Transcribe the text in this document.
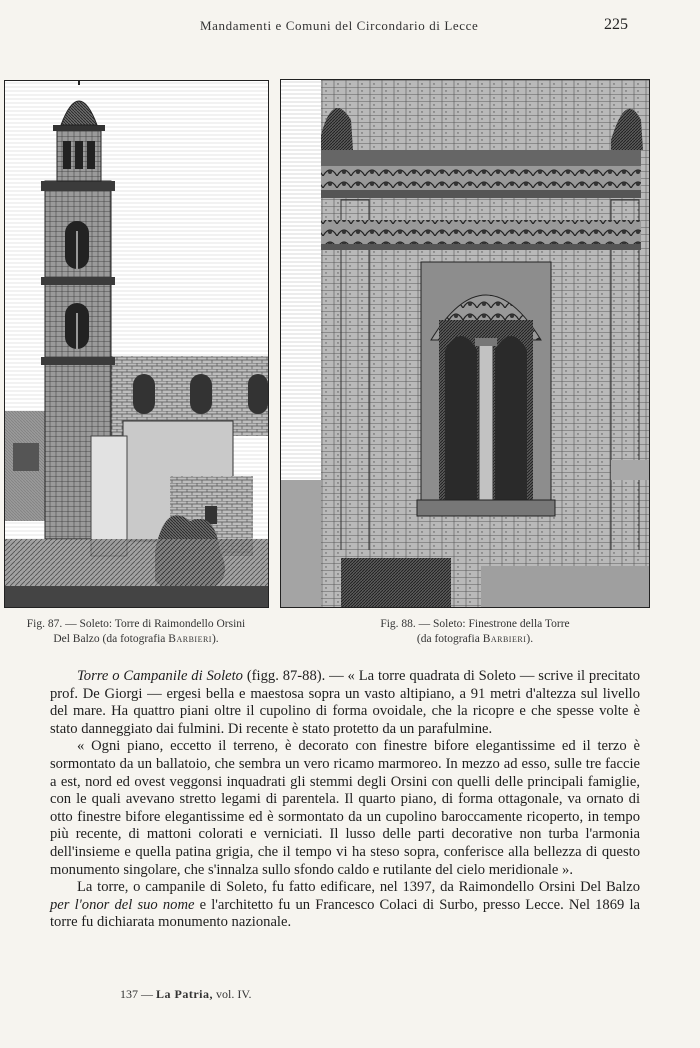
Mandamenti e Comuni del Circondario di Lecce	225
Fig. 87. — Soleto: Torre di Raimondello Orsini
Del Balzo (da fotografia Barbieri).
Fig. 88. — Soleto: Finestrone della Torre
(da fotografia Barbieri).

Torre o Campanile di Soleto (figg. 87-88). — « La torre quadrata di Soleto — scrive il precitato prof. De Giorgi — ergesi bella e maestosa sopra un vasto altipiano, a 91 metri d'altezza sul livello del mare. Ha quattro piani oltre il cupolino di forma ovoidale, che la ricopre e che spesse volte è stato danneggiato dai fulmini. Di recente è stato protetto da un parafulmine.

« Ogni piano, eccetto il terreno, è decorato con finestre bifore elegantissime ed il terzo è sormontato da un ballatoio, che sembra un vero ricamo marmoreo. In mezzo ad esso, sulle tre faccie a est, nord ed ovest veggonsi inquadrati gli stemmi degli Orsini con quelli delle principali famiglie, con le quali avevano stretto legami di parentela. Il quarto piano, di forma ottagonale, va ornato di otto finestre bifore elegantissime ed è sormontato da un cupolino baroccamente ricoperto, in tempo più recente, di mattoni colorati e verniciati. Il lusso delle parti decorative non turba l'armonia dell'insieme e quella patina grigia, che il tempo vi ha steso sopra, conferisce alla bellezza di questo monumento singolare, che s'innalza sullo sfondo caldo e rutilante del cielo meridionale ».

La torre, o campanile di Soleto, fu fatto edificare, nel 1397, da Raimondello Orsini Del Balzo per l'onor del suo nome e l'architetto fu un Francesco Colaci di Surbo, presso Lecce. Nel 1869 la torre fu dichiarata monumento nazionale.

137 — La Patria, vol. IV.
